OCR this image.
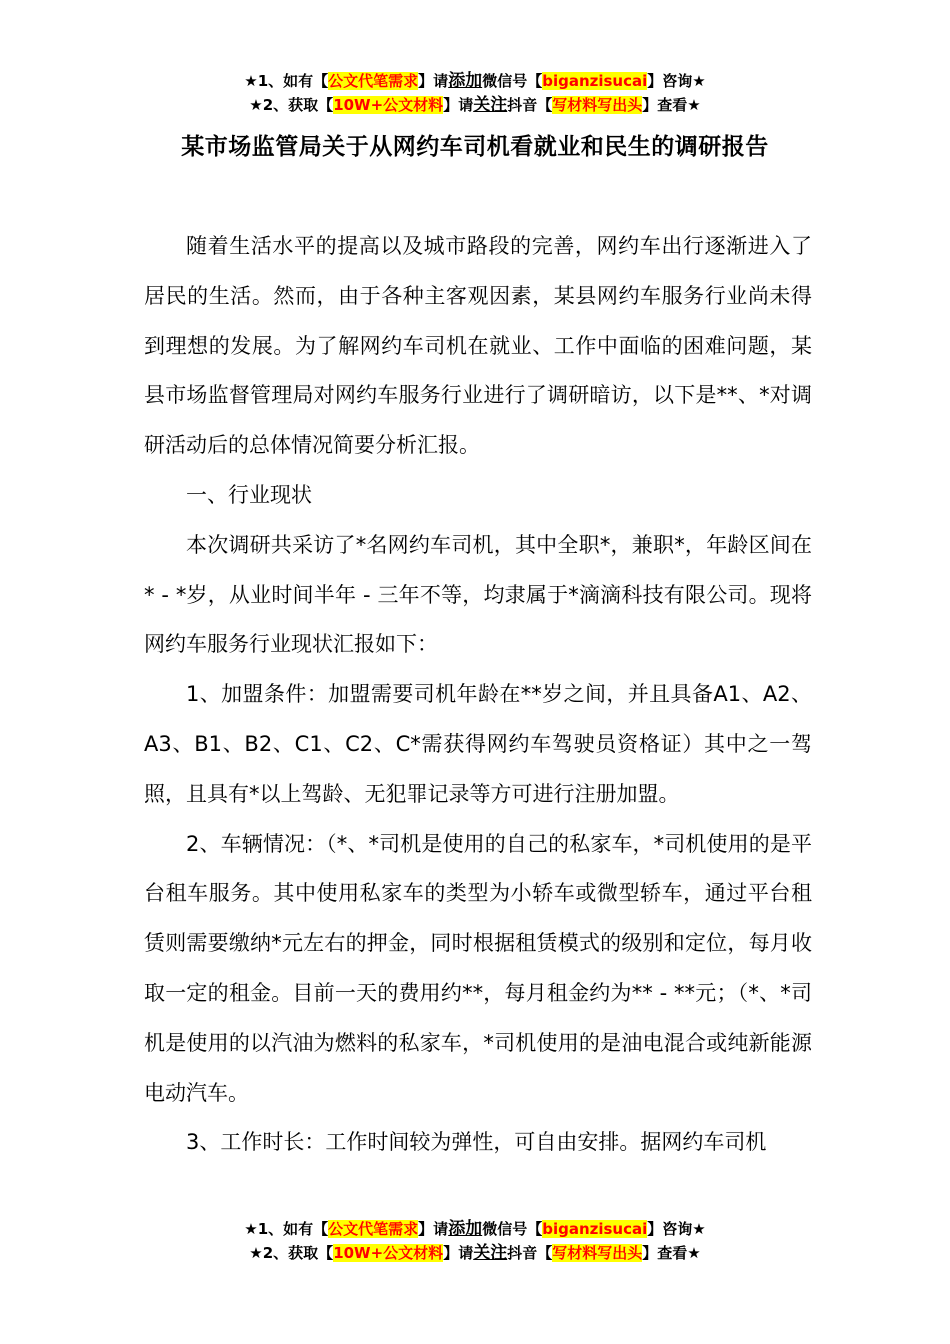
★1、如有【公文代笔需求】请添加微信号【biganzisucai】咨询★
★2、获取【10W+公文材料】请关注抖音【写材料写出头】查看★
某市场监管局关于从网约车司机看就业和民生的调研报告

随着生活水平的提高以及城市路段的完善，网约车出行逐渐进入了居民的生活。然而，由于各种主客观因素，某县网约车服务行业尚未得到理想的发展。为了解网约车司机在就业、工作中面临的困难问题，某县市场监督管理局对网约车服务行业进行了调研暗访，以下是**、*对调研活动后的总体情况简要分析汇报。

一、行业现状

本次调研共采访了*名网约车司机，其中全职*，兼职*，年龄区间在* - *岁，从业时间半年 - 三年不等，均隶属于*滴滴科技有限公司。现将网约车服务行业现状汇报如下：

1、加盟条件：加盟需要司机年龄在**岁之间，并且具备A1、A2、A3、B1、B2、C1、C2、C*需获得网约车驾驶员资格证）其中之一驾照，且具有*以上驾龄、无犯罪记录等方可进行注册加盟。

2、车辆情况：（*、*司机是使用的自己的私家车，*司机使用的是平台租车服务。其中使用私家车的类型为小轿车或微型轿车，通过平台租赁则需要缴纳*元左右的押金，同时根据租赁模式的级别和定位，每月收取一定的租金。目前一天的费用约**，每月租金约为** - **元；（*、*司机是使用的以汽油为燃料的私家车，*司机使用的是油电混合或纯新能源电动汽车。

3、工作时长：工作时间较为弹性，可自由安排。据网约车司机

★1、如有【公文代笔需求】请添加微信号【biganzisucai】咨询★
★2、获取【10W+公文材料】请关注抖音【写材料写出头】查看★
